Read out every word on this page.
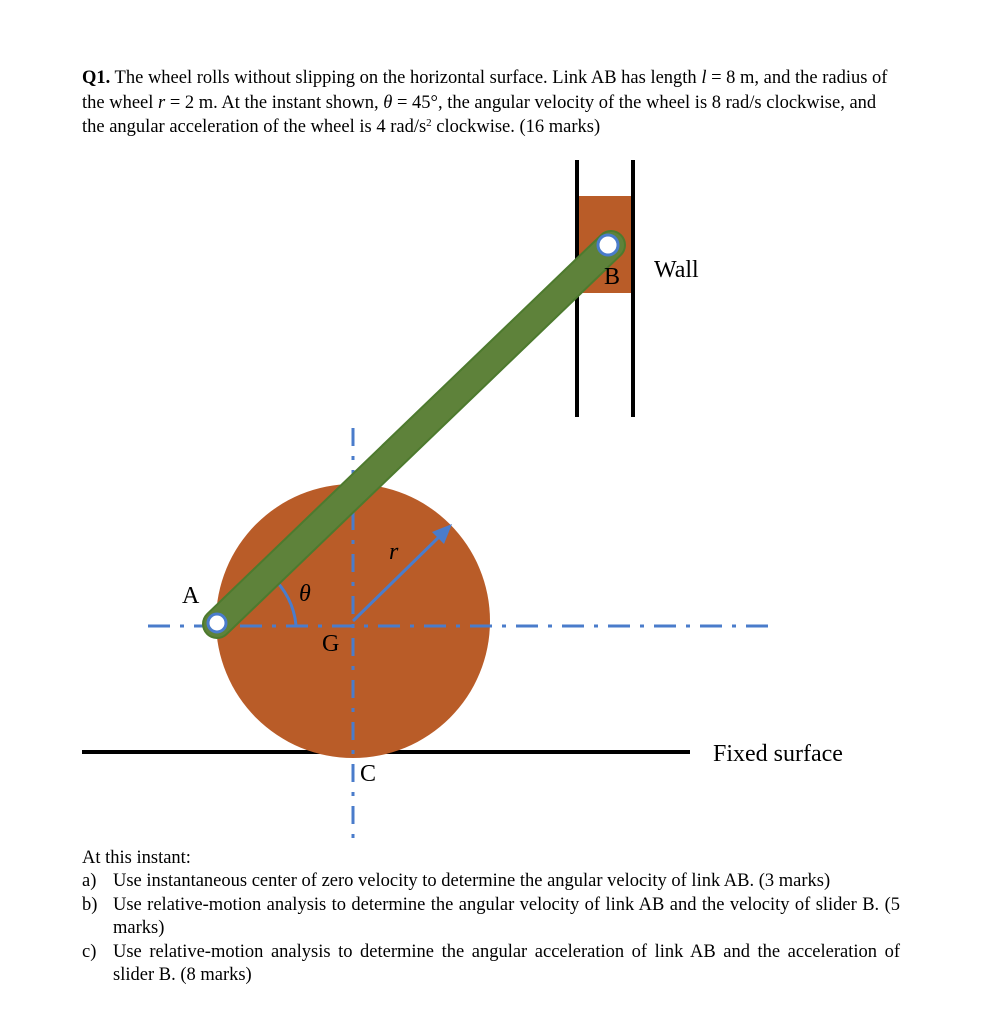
Q1. The wheel rolls without slipping on the horizontal surface. Link AB has length l = 8 m, and the radius of the wheel r = 2 m. At the instant shown, θ = 45°, the angular velocity of the wheel is 8 rad/s clockwise, and the angular acceleration of the wheel is 4 rad/$s^2$ clockwise. (16 marks)
A
B
C
G
r
θ
Wall
Fixed surface
At this instant:
a) Use instantaneous center of zero velocity to determine the angular velocity of link AB. (3 marks)
b) Use relative-motion analysis to determine the angular velocity of link AB and the velocity of slider B. (5 marks)
c) Use relative-motion analysis to determine the angular acceleration of link AB and the acceleration of slider B. (8 marks)
